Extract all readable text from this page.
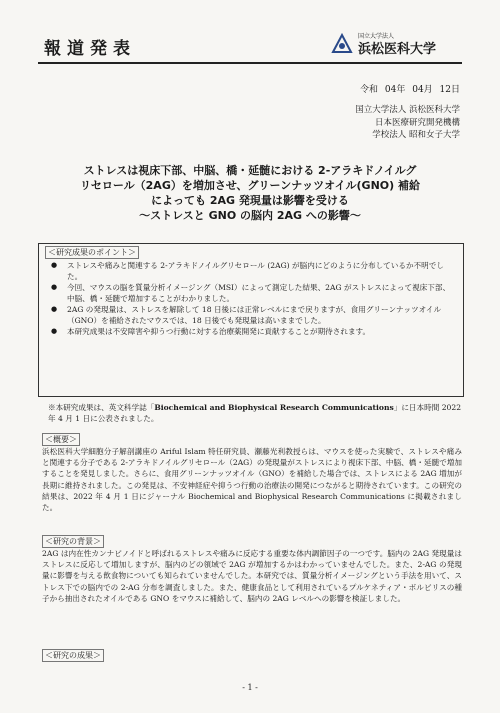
報道発表
国立大学法人
浜松医科大学
令和 04年 04月 12日
国立大学法人 浜松医科大学
日本医療研究開発機構
学校法人 昭和女子大学
ストレスは視床下部、中脳、橋・延髄における 2-アラキドノイルグ
リセロール（2AG）を増加させ、グリーンナッツオイル(GNO) 補給
によっても 2AG 発現量は影響を受ける
〜ストレスと GNO の脳内 2AG への影響〜
＜研究成果のポイント＞
● ストレスや痛みと関連する 2-アラキドノイルグリセロール (2AG) が脳内にどのように分布しているか不明でした。
● 今回、マウスの脳を質量分析イメージング（MSI）によって測定した結果、2AG がストレスによって視床下部、中脳、橋・延髄で増加することがわかりました。
● 2AG の発現量は、ストレスを解除して 18 日後には正常レベルにまで戻りますが、食用グリーンナッツオイル（GNO）を補給されたマウスでは、18 日後でも発現量は高いままでした。
● 本研究成果は不安障害や抑うつ行動に対する治療薬開発に貢献することが期待されます。
※本研究成果は、英文科学誌「Biochemical and Biophysical Research Communications」に日本時間 2022 年 4 月 1 日に公表されました。
＜概要＞
浜松医科大学細胞分子解剖講座の Ariful Islam 特任研究員、瀬藤光利教授らは、マウスを使った実験で、ストレスや痛みと関連する分子である 2-アラキドノイルグリセロール（2AG）の発現量がストレスにより視床下部、中脳、橋・延髄で増加することを発見しました。さらに、食用グリーンナッツオイル（GNO）を補給した場合では、ストレスによる 2AG 増加が長期に維持されました。この発見は、不安神経症や抑うつ行動の治療法の開発につながると期待されています。この研究の結果は、2022 年 4 月 1 日にジャーナル Biochemical and Biophysical Research Communications に掲載されました。
＜研究の背景＞
2AG は内在性カンナビノイドと呼ばれるストレスや痛みに反応する重要な体内調節因子の一つです。脳内の 2AG 発現量はストレスに反応して増加しますが、脳内のどの領域で 2AG が増加するかはわかっていませんでした。また、2-AG の発現量に影響を与える飲食物についても知られていませんでした。本研究では、質量分析イメージングという手法を用いて、ストレス下での脳内での 2-AG 分布を調査しました。また、健康食品として利用されているプルケネティア・ボルビリスの種子から抽出されたオイルである GNO をマウスに補給して、脳内の 2AG レベルへの影響を検証しました。
＜研究の成果＞
- 1 -
